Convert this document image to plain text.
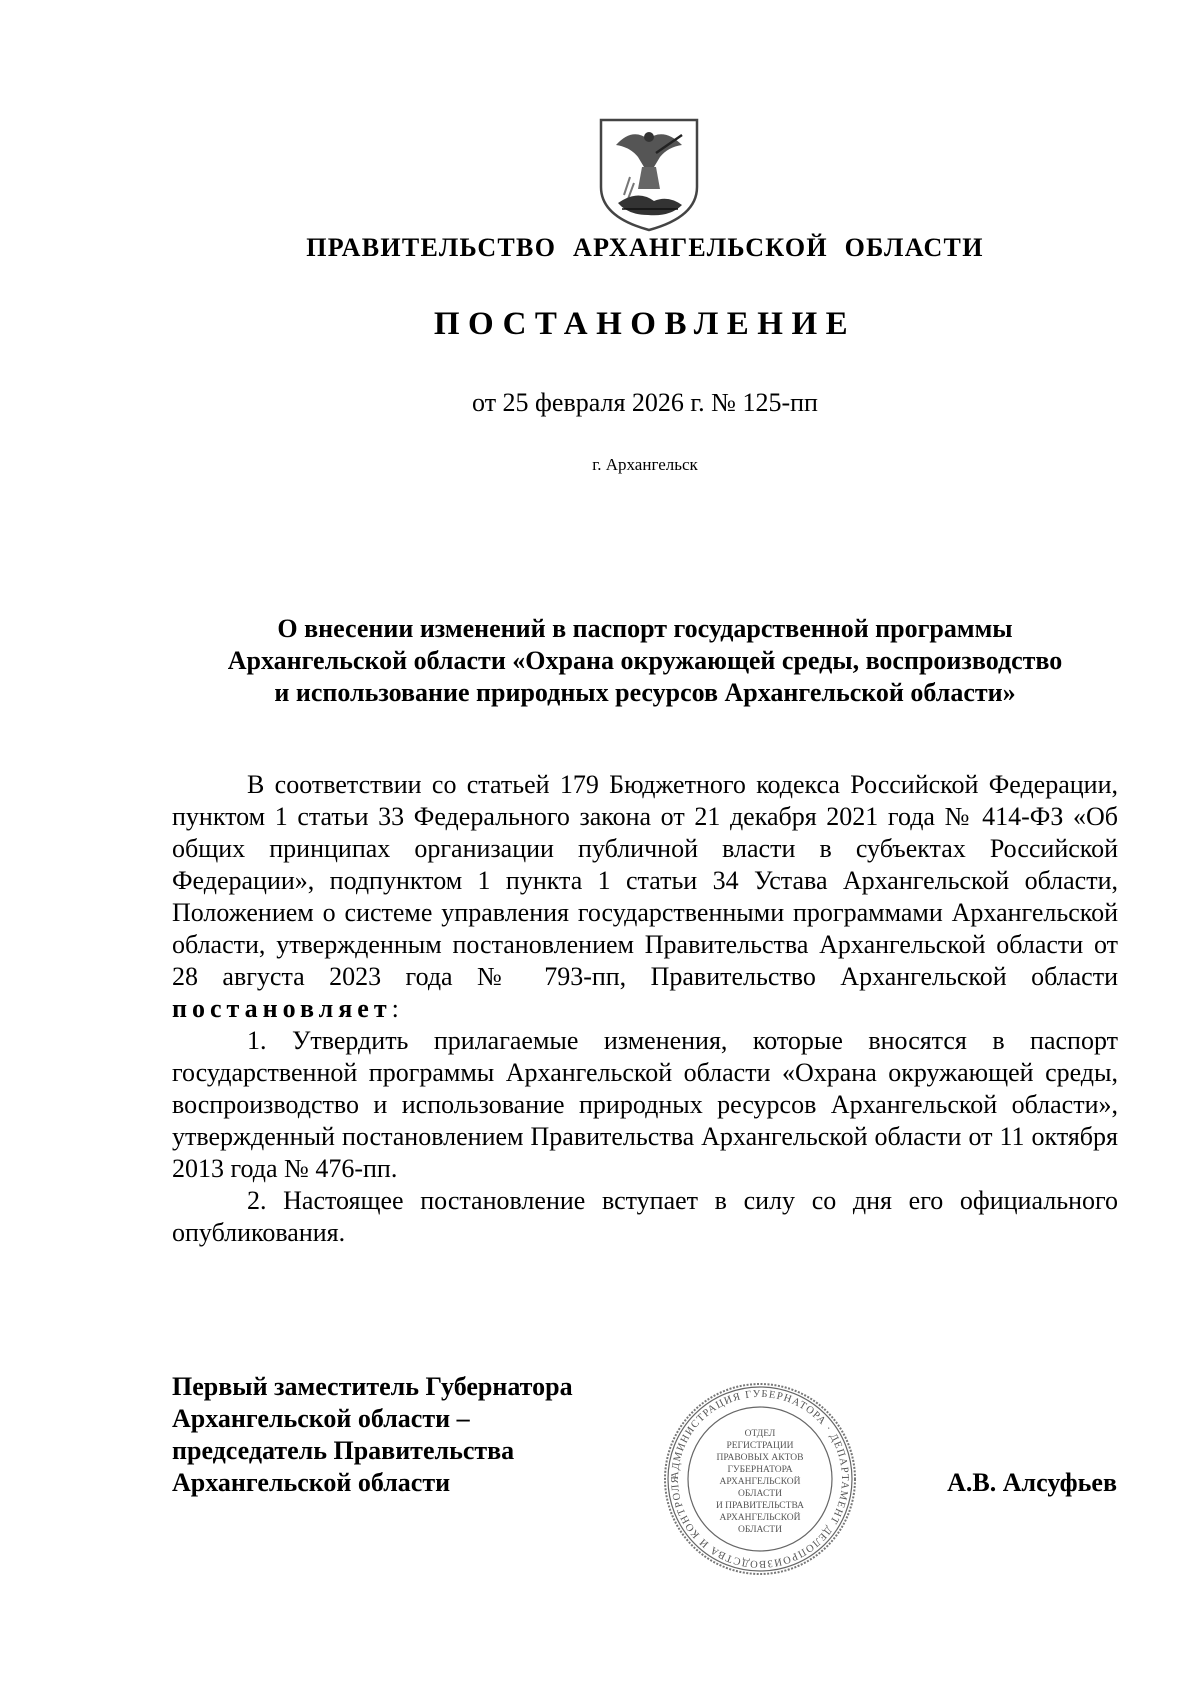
ПРАВИТЕЛЬСТВО АРХАНГЕЛЬСКОЙ ОБЛАСТИ
ПОСТАНОВЛЕНИЕ
от 25 февраля 2026 г. № 125-пп
г. Архангельск
О внесении изменений в паспорт государственной программы
Архангельской области «Охрана окружающей среды, воспроизводство
и использование природных ресурсов Архангельской области»

В соответствии со статьей 179 Бюджетного кодекса Российской Федерации, пунктом 1 статьи 33 Федерального закона от 21 декабря 2021 года № 414-ФЗ «Об общих принципах организации публичной власти в субъектах Российской Федерации», подпунктом 1 пункта 1 статьи 34 Устава Архангельской области, Положением о системе управления государственными программами Архангельской области, утвержденным постановлением Правительства Архангельской области от 28 августа 2023 года № 793-пп, Правительство Архангельской области постановляет:

1. Утвердить прилагаемые изменения, которые вносятся в паспорт государственной программы Архангельской области «Охрана окружающей среды, воспроизводство и использование природных ресурсов Архангельской области», утвержденный постановлением Правительства Архангельской области от 11 октября 2013 года № 476-пп.

2. Настоящее постановление вступает в силу со дня его официального опубликования.

Первый заместитель Губернатора
Архангельской области –
председатель Правительства
Архангельской области	АДМИНИСТРАЦИЯ ГУБЕРНАТОРА · ДЕПАРТАМЕНТ ДЕЛОПРОИЗВОДСТВА И КОНТРОЛЯ
ОТДЕЛ
РЕГИСТРАЦИИ
ПРАВОВЫХ АКТОВ
ГУБЕРНАТОРА
АРХАНГЕЛЬСКОЙ
ОБЛАСТИ
И ПРАВИТЕЛЬСТВА
АРХАНГЕЛЬСКОЙ
ОБЛАСТИ
А.В. Алсуфьев
